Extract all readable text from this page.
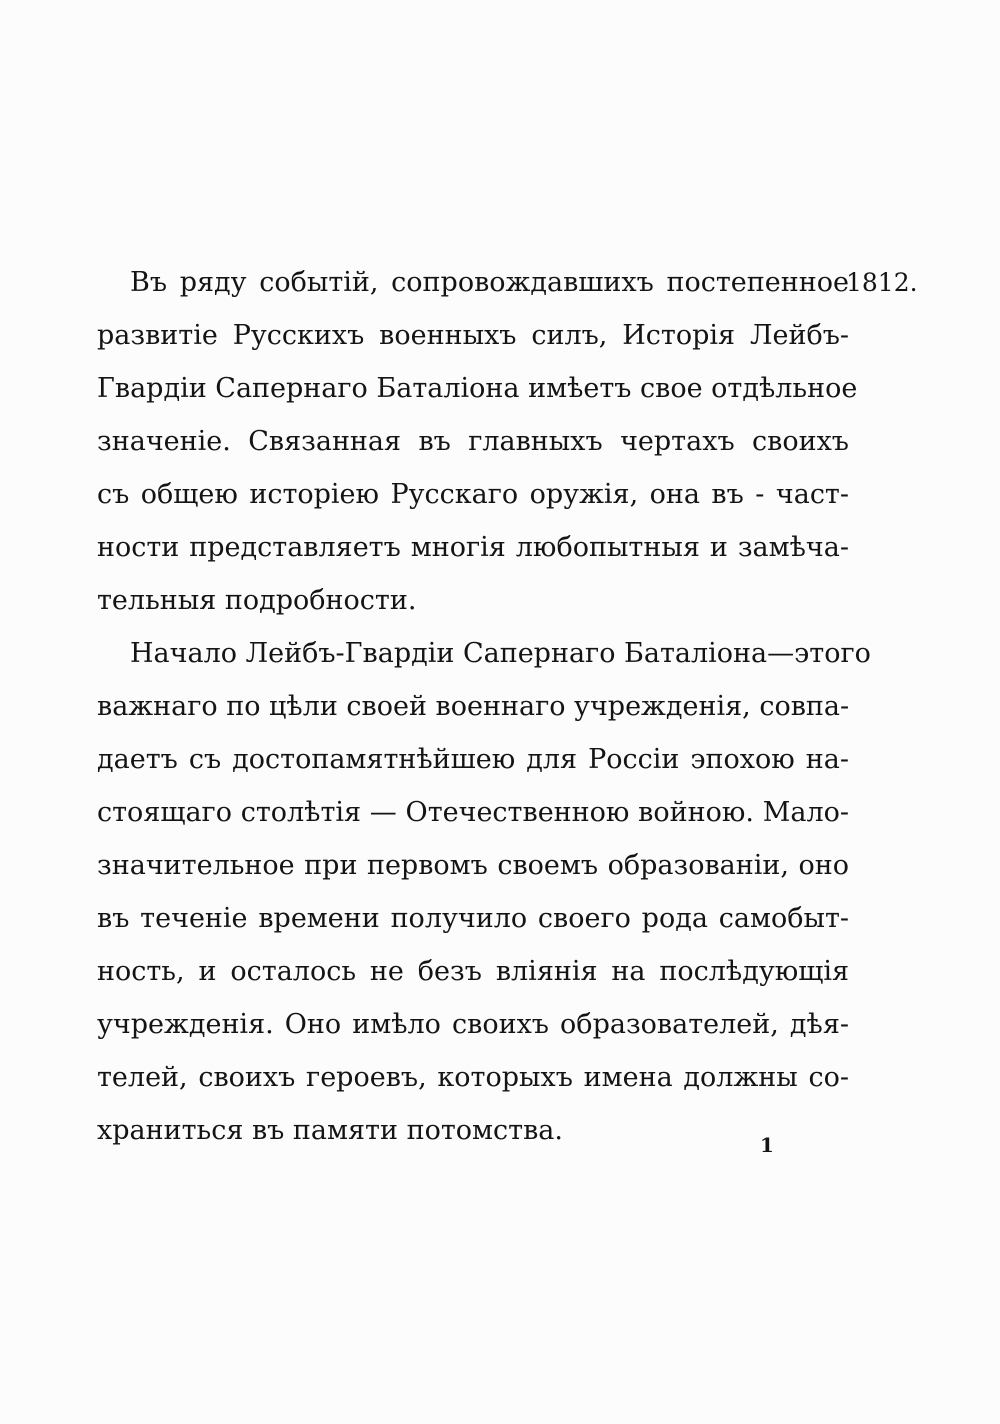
1812.
Въ ряду событій, сопровождавшихъ постепенное
развитіе Русскихъ военныхъ силъ, Исторія Лейбъ-
Гвардіи Сапернаго Баталіона имѣетъ свое отдѣльное
значеніе. Связанная въ главныхъ чертахъ своихъ
съ общею исторіею Русскаго оружія, она въ - част-
ности представляетъ многія любопытныя и замѣча-
тельныя подробности.
Начало Лейбъ-Гвардіи Сапернаго Баталіона—этого
важнаго по цѣли своей военнаго учрежденія, совпа-
даетъ съ достопамятнѣйшею для Россіи эпохою на-
стоящаго столѣтія — Отечественною войною. Мало-
значительное при первомъ своемъ образованіи, оно
въ теченіе времени получило своего рода самобыт-
ность, и осталось не безъ вліянія на послѣдующія
учрежденія. Оно имѣло своихъ образователей, дѣя-
телей, своихъ героевъ, которыхъ имена должны со-
храниться въ памяти потомства.	1
